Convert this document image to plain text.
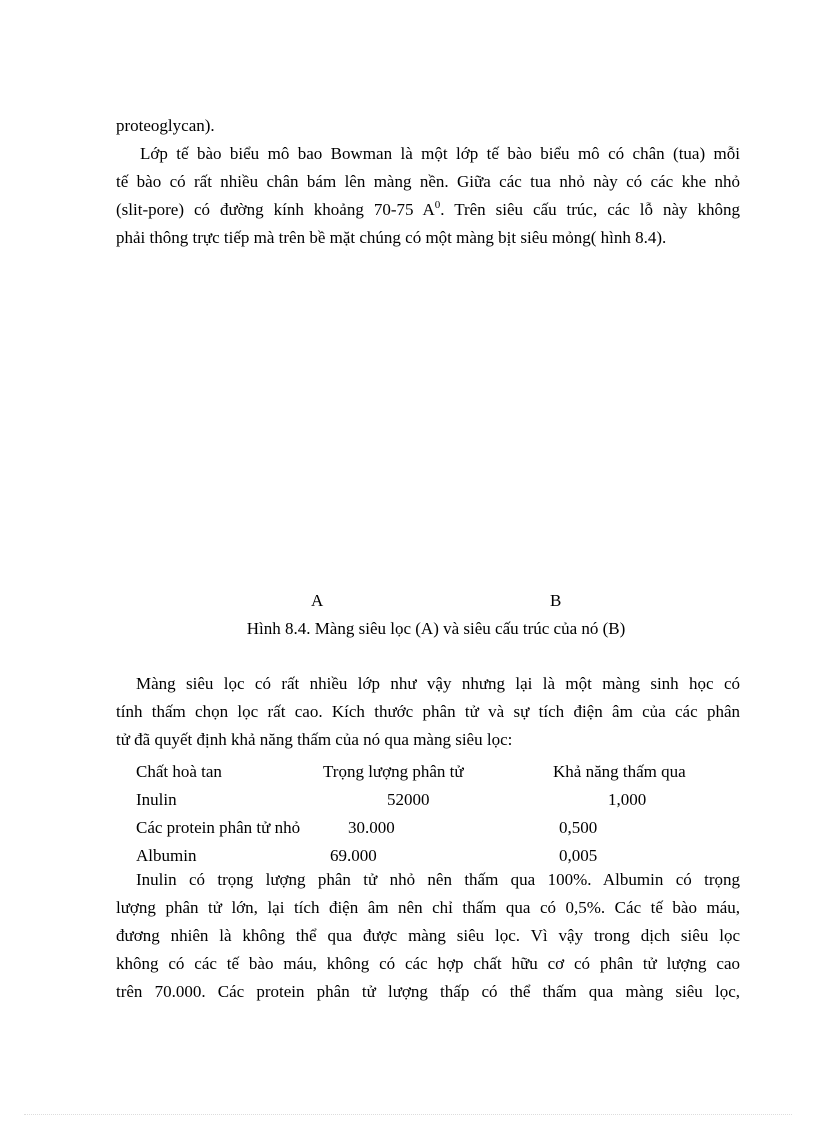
proteoglycan).
Lớp tế bào biểu mô bao Bowman là một lớp tế bào biểu mô có chân (tua) mỗi
tế bào có rất nhiều chân bám lên màng nền. Giữa các tua nhỏ này có các khe nhỏ
(slit-pore) có đường kính khoảng 70-75 $A^0$. Trên siêu cấu trúc, các lỗ này không
phải thông trực tiếp mà trên bề mặt chúng có một màng bịt siêu mỏng( hình 8.4).
A	B
Hình 8.4. Màng siêu lọc (A) và siêu cấu trúc của nó (B)
Màng siêu lọc có rất nhiều lớp như vậy nhưng lại là một màng sinh học có
tính thấm chọn lọc rất cao. Kích thước phân tử và sự tích điện âm của các phân
tử đã quyết định khả năng thấm của nó qua màng siêu lọc:
Chất hoà tan	Trọng lượng phân tử	Khả năng thấm qua
Inulin	52000	1,000
Các protein phân tử nhỏ	30.000	0,500
Albumin	69.000	0,005
Inulin có trọng lượng phân tử nhỏ nên thấm qua 100%. Albumin có trọng
lượng phân tử lớn, lại tích điện âm nên chỉ thấm qua có 0,5%. Các tế bào máu,
đương nhiên là không thể qua được màng siêu lọc. Vì vậy trong dịch siêu lọc
không có các tế bào máu, không có các hợp chất hữu cơ có phân tử lượng cao
trên 70.000. Các protein phân tử lượng thấp có thể thấm qua màng siêu lọc,
